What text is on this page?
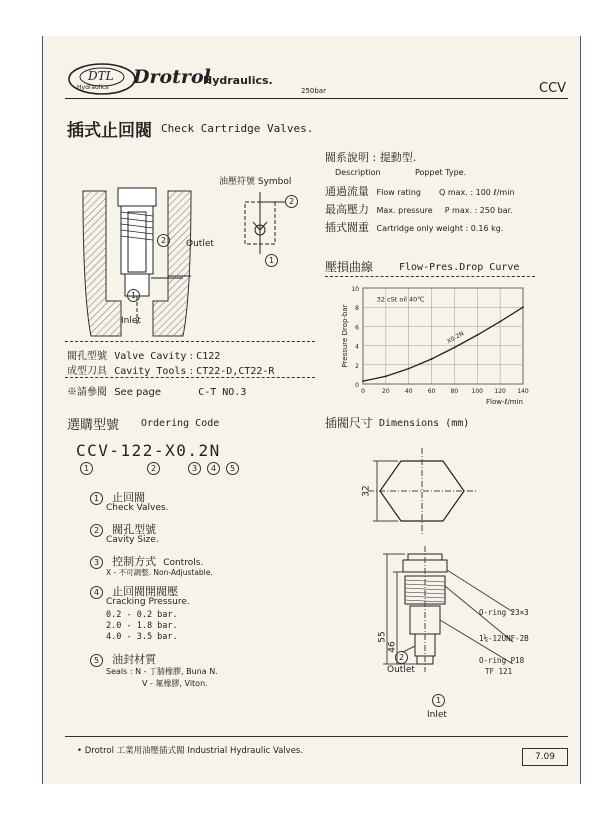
DTL
Hydraulics Drotrol
Hydraulics.
250bar	CCV
插式止回閥 Check Cartridge Valves.
2	Outlet
1
Inlet
油壓符號 Symbol
2
1
閥系說明 : 提動型.
Description	Poppet Type.
通過流量 Flow rating Q max. : 100 ℓ/min
最高壓力 Max. pressure P max. : 250 bar.
插式閥重 Cartridge only weight : 0.16 kg.
壓損曲線	Flow-Pres.Drop Curve
0
2
4
6
8
10
0	20	40	60	80 100 120 140
Flow-ℓ/min
Pressure Drop-bar
32 cSt oil 40℃
X0.2N
閥孔型號 Valve Cavity : C122
成型刀具 Cavity Tools : CT22-D,CT22-R
※請參閱 See page	C-T NO.3
選購型號 Ordering Code
CCV-122-X0.2N
1	2	3	4	5
1 止回閥
Check Valves.
2 閥孔型號
Cavity Size.
3 控制方式 Controls.
X - 不可調整. Non-Adjustable.
4 止回閥開閥壓
Cracking Pressure.
0.2 - 0.2 bar.
2.0 - 1.8 bar.
4.0 - 3.5 bar.
5 油封材質
Seals : N - 丁腈橡膠, Buna N.
V - 氟橡膠, Viton.
插閥尺寸 Dimensions (mm)
32
55
46
O-ring 23×3
1⅛-12UNF-2B
O-ring P18
TF 121
2
Outlet
1
Inlet
• Drotrol 工業用油壓插式閥 Industrial Hydraulic Valves.
7.09
